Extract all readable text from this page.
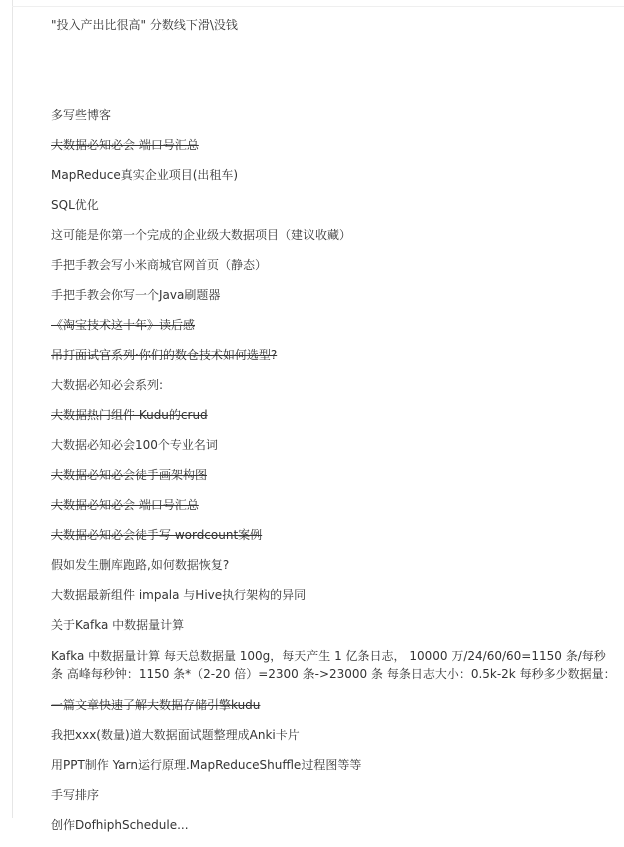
"投入产出比很高" 分数线下滑\没钱
多写些博客
大数据必知必会 端口号汇总
MapReduce真实企业项目(出租车)
SQL优化
这可能是你第一个完成的企业级大数据项目（建议收藏）
手把手教会写小米商城官网首页（静态）
手把手教会你写一个Java刷题器
《淘宝技术这十年》读后感
吊打面试官系列·你们的数仓技术如何选型?
大数据必知必会系列:
大数据热门组件 Kudu的crud
大数据必知必会100个专业名词
大数据必知必会徒手画架构图
大数据必知必会 端口号汇总
大数据必知必会徒手写 wordcount案例
假如发生删库跑路,如何数据恢复?
大数据最新组件 impala 与Hive执行架构的异同
关于Kafka 中数据量计算
Kafka 中数据量计算 每天总数据量 100g，每天产生 1 亿条日志， 10000 万/24/60/60=1150 条/每秒
条 高峰每秒钟：1150 条*（2-20 倍）=2300 条->23000 条 每条日志大小：0.5k-2k 每秒多少数据量：
一篇文章快速了解大数据存储引擎kudu
我把xxx(数量)道大数据面试题整理成Anki卡片
用PPT制作 Yarn运行原理.MapReduceShuffle过程图等等
手写排序
创作DofhiphSchedule...
